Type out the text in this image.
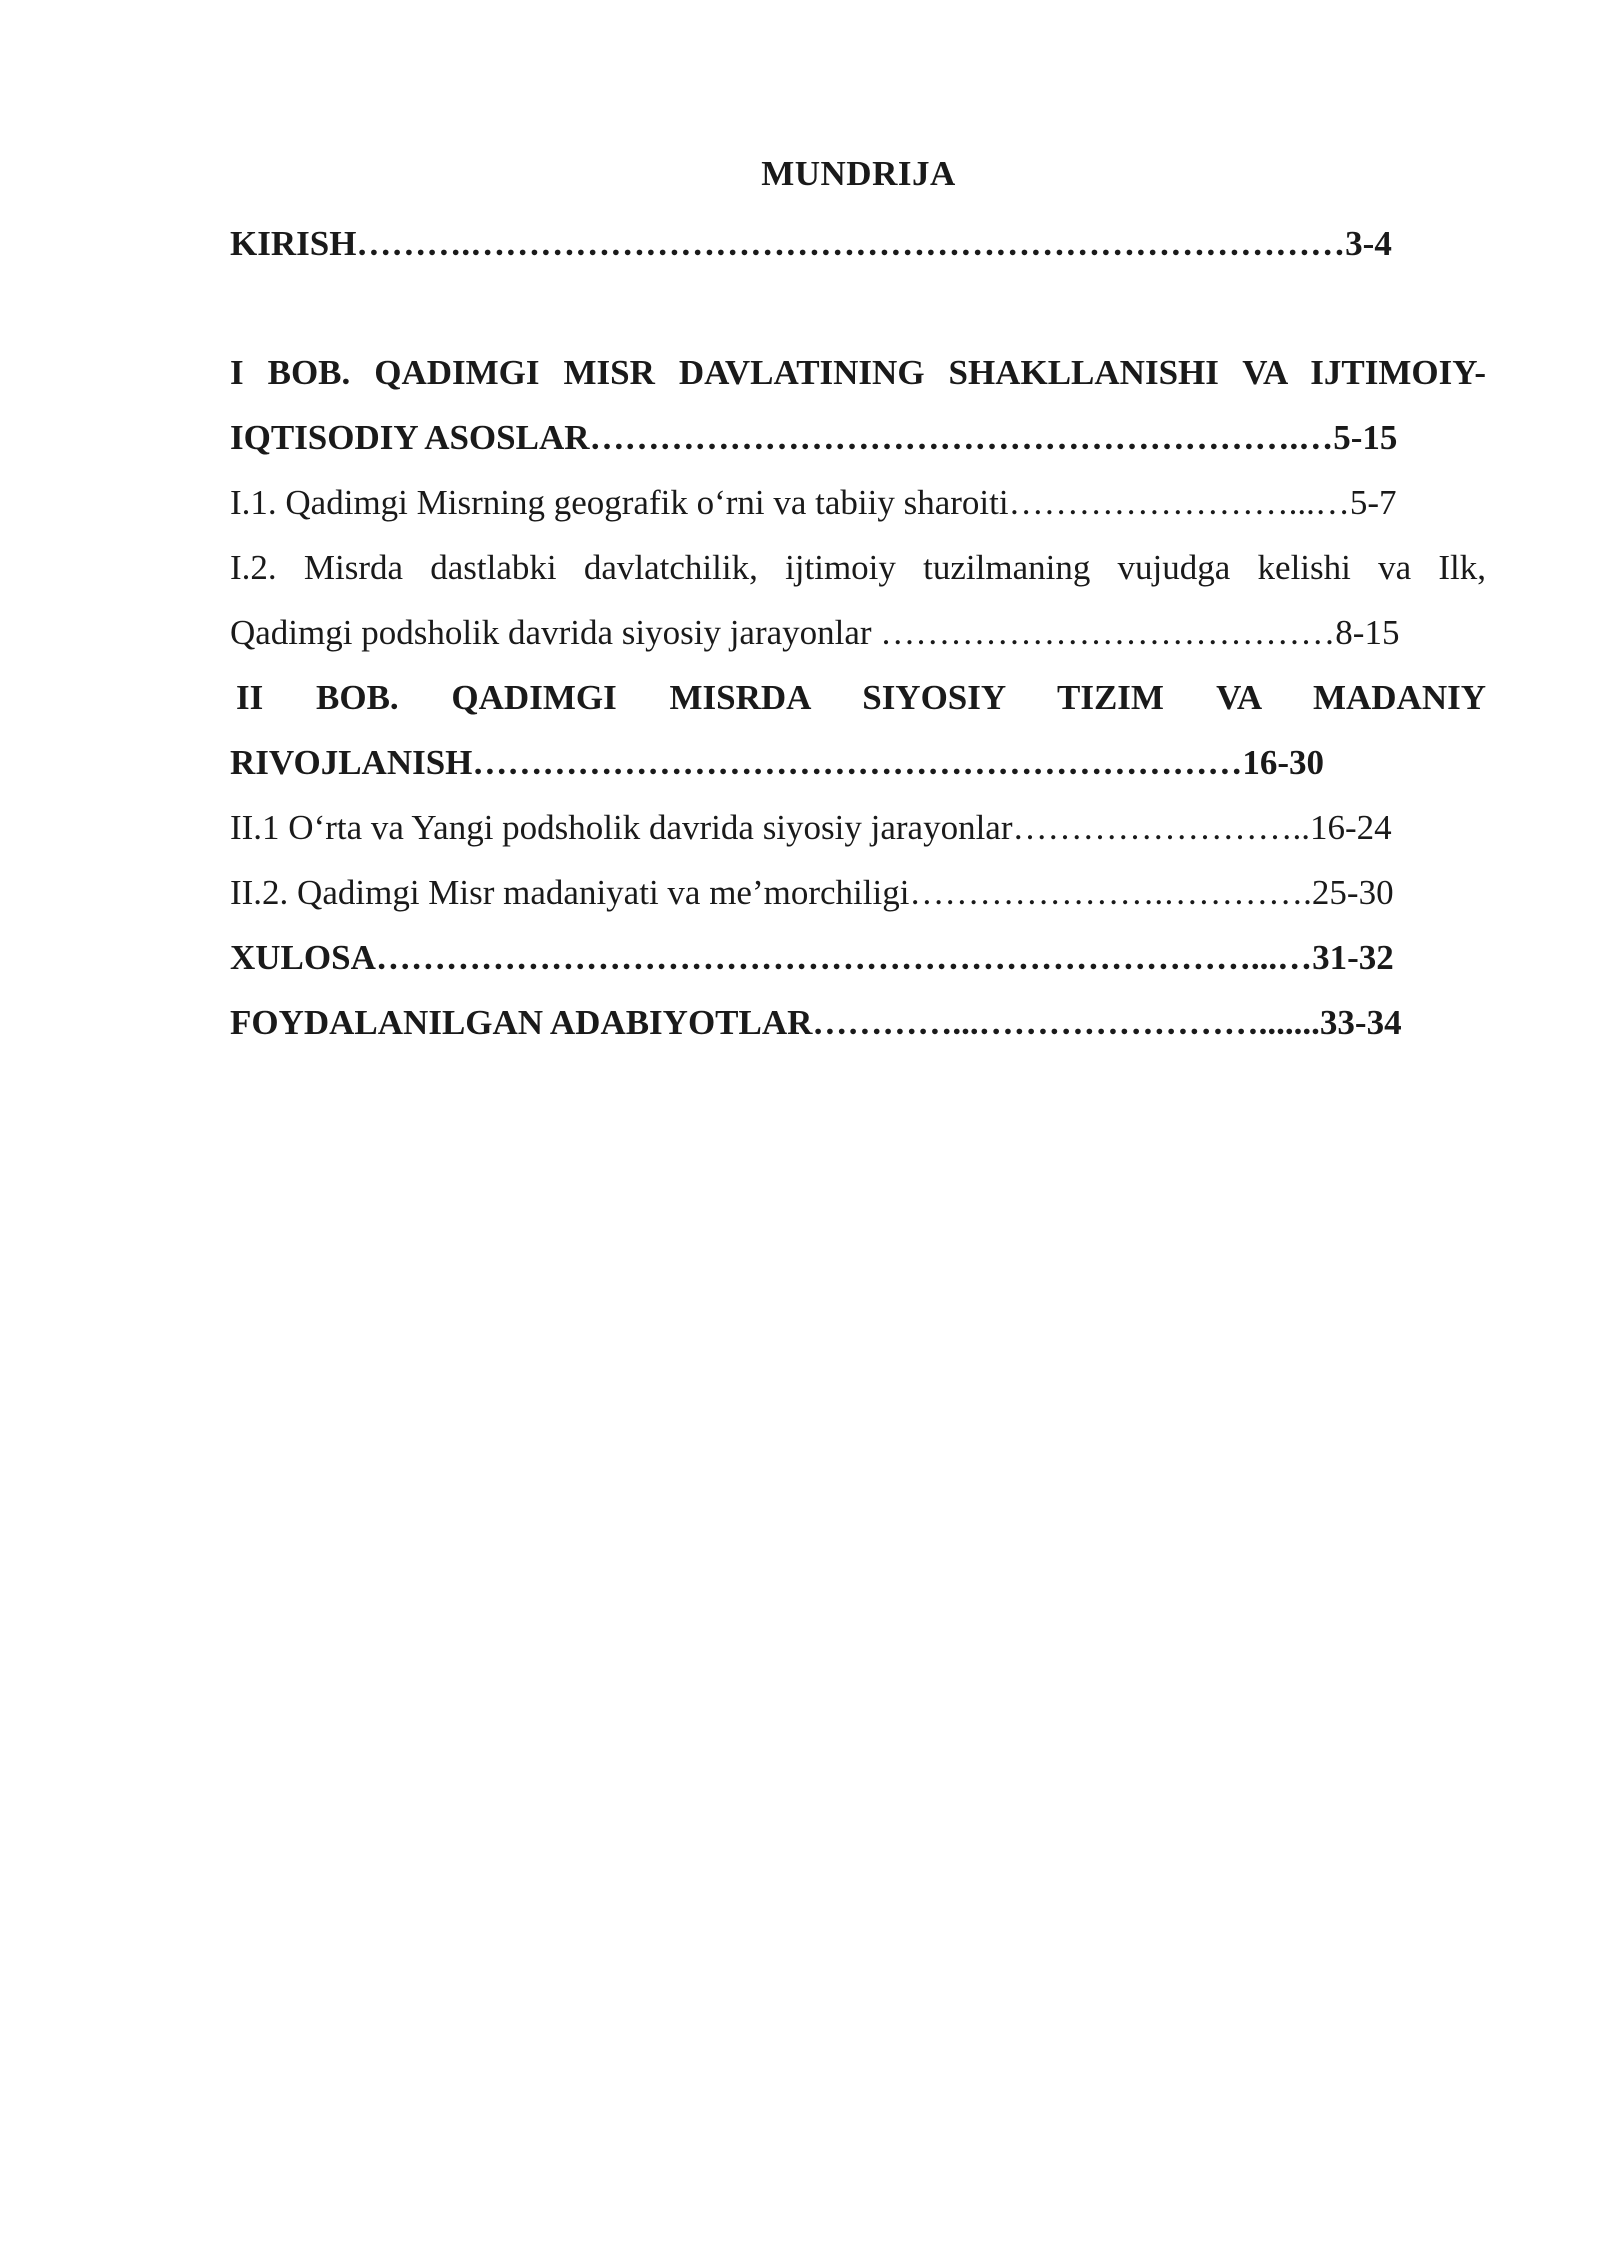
MUNDRIJA
KIRISH……….…………………………………………………………………3-4
I BOB. QADIMGI MISR DAVLATINING SHAKLLANISHI VA IJTIMOIY-
IQTISODIY ASOSLAR…………………………………………………….…5-15
I.1. Qadimgi Misrning geografik o‘rni va tabiiy sharoiti……………………...…5-7
I.2. Misrda dastlabki davlatchilik, ijtimoiy tuzilmaning vujudga kelishi va Ilk,
Qadimgi podsholik davrida siyosiy jarayonlar …………………………………8-15
II BOB. QADIMGI MISRDA SIYOSIY TIZIM VA MADANIY
RIVOJLANISH…………………………………………………………16-30
II.1 O‘rta va Yangi podsholik davrida siyosiy jarayonlar……………………..16-24
II.2. Qadimgi Misr madaniyati va me’morchiligi………………….………….25-30
XULOSA…………………………………………………………………...…31-32
FOYDALANILGAN ADABIYOTLAR…………...…………………….......33-34
